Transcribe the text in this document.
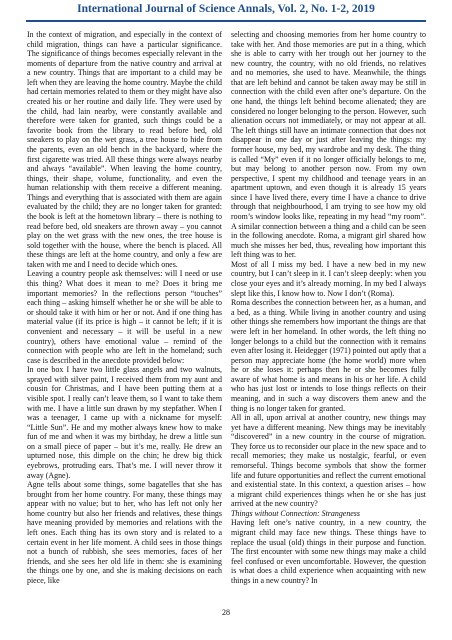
International Journal of Science Annals, Vol. 2, No. 1-2, 2019

In the context of migration, and especially in the context of child migration, things can have a particular significance. The significance of things becomes especially relevant in the moments of departure from the native country and arrival at a new country. Things that are important to a child may be left when they are leaving the home country. Maybe the child had certain memories related to them or they might have also created his or her routine and daily life. They were used by the child, had lain nearby, were constantly available and therefore were taken for granted, such things could be a favorite book from the library to read before bed, old sneakers to play on the wet grass, a tree house to hide from the parents, even an old bench in the backyard, where the first cigarette was tried. All these things were always nearby and always “available”. When leaving the home country, things, their shape, volume, functionality, and even the human relationship with them receive a different meaning. Things and everything that is associated with them are again evaluated by the child; they are no longer taken for granted: the book is left at the hometown library – there is nothing to read before bed, old sneakers are thrown away – you cannot play on the wet grass with the new ones, the tree house is sold together with the house, where the bench is placed. All these things are left at the home country, and only a few are taken with me and I need to decide which ones.

Leaving a country people ask themselves: will I need or use this thing? What does it mean to me? Does it bring me important memories? In the reflections person “touches” each thing – asking himself whether he or she will be able to or should take it with him or her or not. And if one thing has material value (if its price is high – it cannot be left; if it is convenient and necessary – it will be useful in a new country), others have emotional value – remind of the connection with people who are left in the homeland; such case is described in the anecdote provided below:

In one box I have two little glass angels and two walnuts, sprayed with silver paint, I received them from my aunt and cousin for Christmas, and I have been putting them at a visible spot. I really can’t leave them, so I want to take them with me. I have a little sun drawn by my stepfather. When I was a teenager, I came up with a nickname for myself: “Little Sun”. He and my mother always knew how to make fun of me and when it was my birthday, he drew a little sun on a small piece of paper – but it’s me, really. He drew an upturned nose, this dimple on the chin; he drew big thick eyebrows, protruding ears. That’s me. I will never throw it away (Agne).

Agne tells about some things, some bagatelles that she has brought from her home country. For many, these things may appear with no value; but to her, who has left not only her home country but also her friends and relatives, these things have meaning provided by memories and relations with the left ones. Each thing has its own story and is related to a certain event in her life moment. A child sees in those things not a bunch of rubbish, she sees memories, faces of her friends, and she sees her old life in them: she is examining the things one by one, and she is making decisions on each piece, like

selecting and choosing memories from her home country to take with her. And those memories are put in a thing, which she is able to carry with her trough out her journey to the new country, the country, with no old friends, no relatives and no memories, she used to have. Meanwhile, the things that are left behind and cannot be taken away may be still in connection with the child even after one’s departure. On the one hand, the things left behind become alienated; they are considered no longer belonging to the person. However, such alienation occurs not immediately, or may not appear at all. The left things still have an intimate connection that does not disappear in one day or just after leaving the things: my former house, my bed, my wardrobe and my desk. The thing is called “My” even if it no longer officially belongs to me, but may belong to another person now. From my own perspective, I spent my childhood and teenage years in an apartment uptown, and even though it is already 15 years since I have lived there, every time I have a chance to drive through that neighbourhood, I am trying to see how my old room’s window looks like, repeating in my head “my room”. A similar connection between a thing and a child can be seen in the following anecdote. Roma, a migrant girl shared how much she misses her bed, thus, revealing how important this left thing was to her.

Most of all I miss my bed. I have a new bed in my new country, but I can’t sleep in it. I can’t sleep deeply: when you close your eyes and it’s already morning. In my bed I always slept like this, I know how to. Now I don’t (Roma).

Roma describes the connection between her, as a human, and a bed, as a thing. While living in another country and using other things she remembers how important the things are that were left in her homeland. In other words, the left thing no longer belongs to a child but the connection with it remains even after losing it. Heidegger (1971) pointed out aptly that a person may appreciate home (the home world) more when he or she loses it: perhaps then he or she becomes fully aware of what home is and means in his or her life. A child who has just lost or intends to lose things reflects on their meaning, and in such a way discovers them anew and the thing is no longer taken for granted.

All in all, upon arrival at another country, new things may yet have a different meaning. New things may be inevitably “discovered” in a new country in the course of migration. They force us to reconsider our place in the new space and to recall memories; they make us nostalgic, fearful, or even remorseful. Things become symbols that show the former life and future opportunities and reflect the current emotional and existential state. In this context, a question arises – how a migrant child experiences things when he or she has just arrived at the new country?

Things without Connection: Strangeness

Having left one’s native country, in a new country, the migrant child may face new things. These things have to replace the usual (old) things in their purpose and function. The first encounter with some new things may make a child feel confused or even uncomfortable. However, the question is what does a child experience when acquainting with new things in a new country? In

28
